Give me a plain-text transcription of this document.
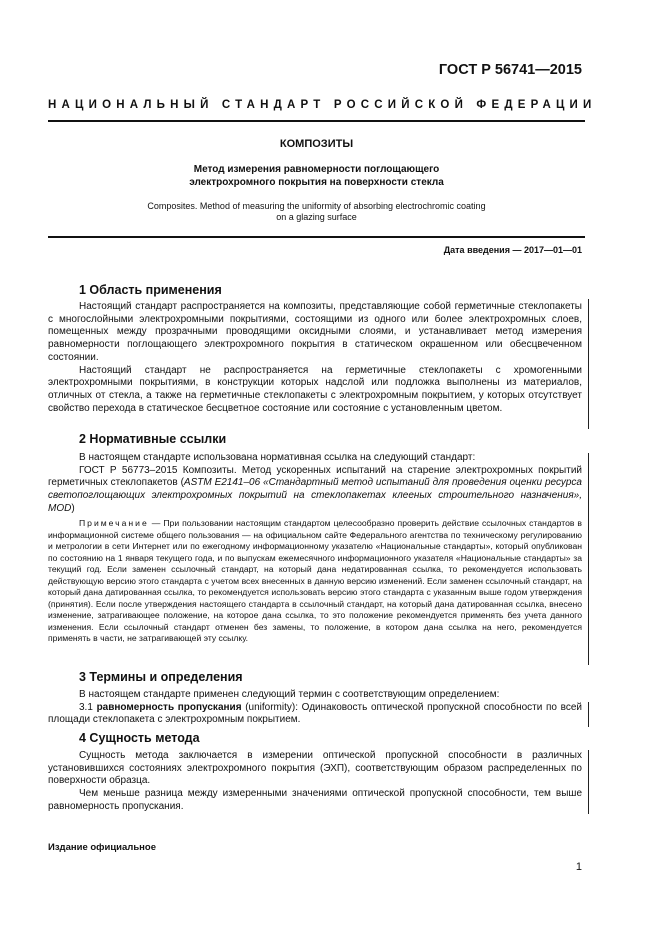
ГОСТ Р 56741—2015
НАЦИОНАЛЬНЫЙ СТАНДАРТ РОССИЙСКОЙ ФЕДЕРАЦИИ
КОМПОЗИТЫ
Метод измерения равномерности поглощающего
электрохромного покрытия на поверхности стекла
Composites. Method of measuring the uniformity of absorbing electrochromic coating
on a glazing surface
Дата введения — 2017—01—01
1 Область применения

Настоящий стандарт распространяется на композиты, представляющие собой герметичные стеклопакеты с многослойными электрохромными покрытиями, состоящими из одного или более электрохромных слоев, помещенных между прозрачными проводящими оксидными слоями, и устанавливает метод измерения равномерности поглощающего электрохромного покрытия в статическом окрашенном или обесцвеченном состоянии.

Настоящий стандарт не распространяется на герметичные стеклопакеты с хромогенными электрохромными покрытиями, в конструкции которых надслой или подложка выполнены из материалов, отличных от стекла, а также на герметичные стеклопакеты с электрохромным покрытием, у которых отсутствует свойство перехода в статическое бесцветное состояние или состояние с установленным цветом.

2 Нормативные ссылки

В настоящем стандарте использована нормативная ссылка на следующий стандарт:

ГОСТ Р 56773–2015 Композиты. Метод ускоренных испытаний на старение электрохромных покрытий герметичных стеклопакетов (ASTM E2141–06 «Стандартный метод испытаний для проведения оценки ресурса светопоглощающих электрохромных покрытий на стеклопакетах клееных строительного назначения», MOD)

Примечание — При пользовании настоящим стандартом целесообразно проверить действие ссылочных стандартов в информационной системе общего пользования — на официальном сайте Федерального агентства по техническому регулированию и метрологии в сети Интернет или по ежегодному информационному указателю «Национальные стандарты», который опубликован по состоянию на 1 января текущего года, и по выпускам ежемесячного информационного указателя «Национальные стандарты» за текущий год. Если заменен ссылочный стандарт, на который дана недатированная ссылка, то рекомендуется использовать действующую версию этого стандарта с учетом всех внесенных в данную версию изменений. Если заменен ссылочный стандарт, на который дана датированная ссылка, то рекомендуется использовать версию этого стандарта с указанным выше годом утверждения (принятия). Если после утверждения настоящего стандарта в ссылочный стандарт, на который дана датированная ссылка, внесено изменение, затрагивающее положение, на которое дана ссылка, то это положение рекомендуется применять без учета данного изменения. Если ссылочный стандарт отменен без замены, то положение, в котором дана ссылка на него, рекомендуется применять в части, не затрагивающей эту ссылку.

3 Термины и определения

В настоящем стандарте применен следующий термин с соответствующим определением:

3.1 равномерность пропускания (uniformity): Одинаковость оптической пропускной способности по всей площади стеклопакета с электрохромным покрытием.

4 Сущность метода

Сущность метода заключается в измерении оптической пропускной способности в различных установившихся состояниях электрохромного покрытия (ЭХП), соответствующим образом распределенных по поверхности образца.

Чем меньше разница между измеренными значениями оптической пропускной способности, тем выше равномерность пропускания.

Издание официальное
1
